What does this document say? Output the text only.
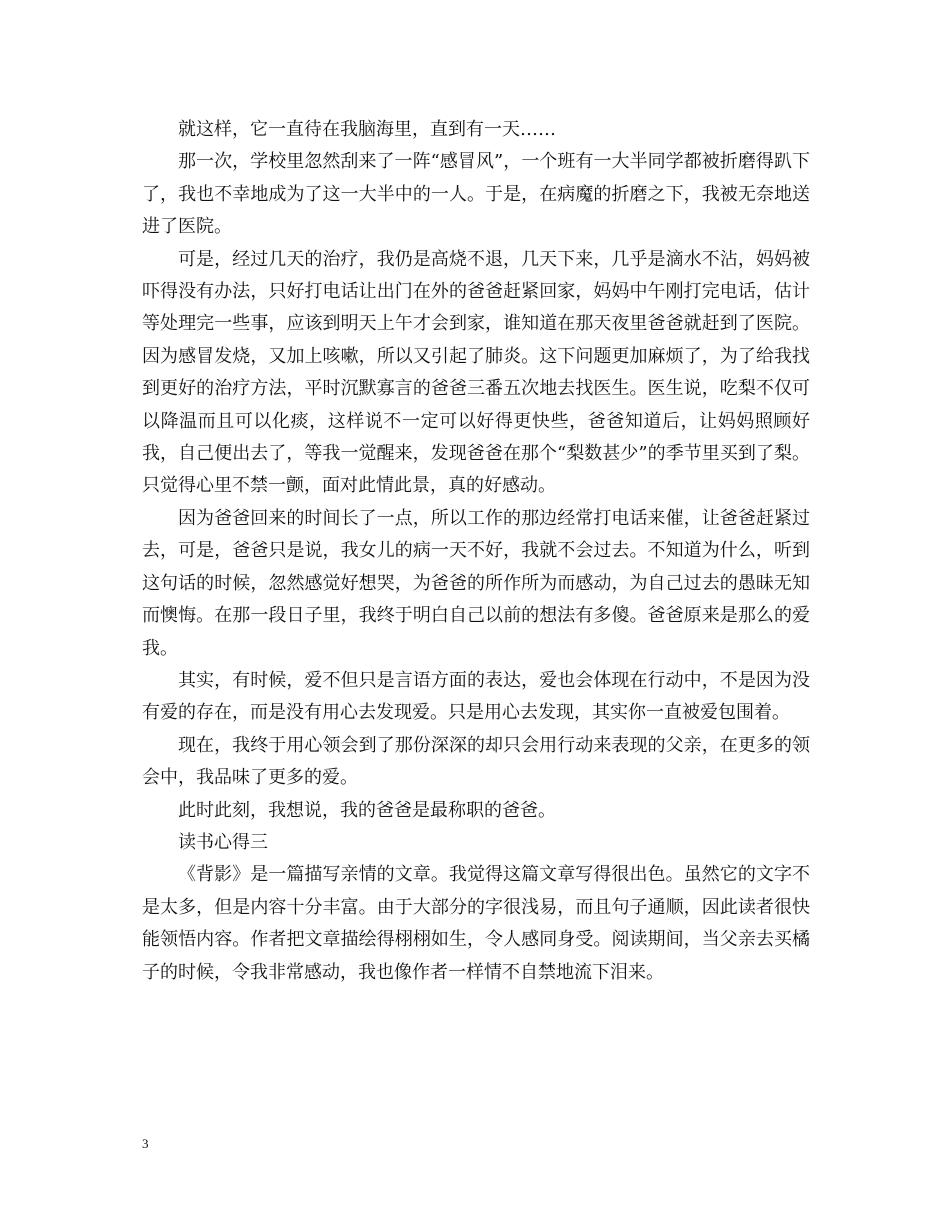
就这样，它一直待在我脑海里，直到有一天……

那一次，学校里忽然刮来了一阵“感冒风”，一个班有一大半同学都被折磨得趴下了，我也不幸地成为了这一大半中的一人。于是，在病魔的折磨之下，我被无奈地送进了医院。

可是，经过几天的治疗，我仍是高烧不退，几天下来，几乎是滴水不沾，妈妈被吓得没有办法，只好打电话让出门在外的爸爸赶紧回家，妈妈中午刚打完电话，估计等处理完一些事，应该到明天上午才会到家，谁知道在那天夜里爸爸就赶到了医院。因为感冒发烧，又加上咳嗽，所以又引起了肺炎。这下问题更加麻烦了，为了给我找到更好的治疗方法，平时沉默寡言的爸爸三番五次地去找医生。医生说，吃梨不仅可以降温而且可以化痰，这样说不一定可以好得更快些，爸爸知道后，让妈妈照顾好我，自己便出去了，等我一觉醒来，发现爸爸在那个“梨数甚少”的季节里买到了梨。只觉得心里不禁一颤，面对此情此景，真的好感动。

因为爸爸回来的时间长了一点，所以工作的那边经常打电话来催，让爸爸赶紧过去，可是，爸爸只是说，我女儿的病一天不好，我就不会过去。不知道为什么，听到这句话的时候，忽然感觉好想哭，为爸爸的所作所为而感动，为自己过去的愚昧无知而懊悔。在那一段日子里，我终于明白自己以前的想法有多傻。爸爸原来是那么的爱我。

其实，有时候，爱不但只是言语方面的表达，爱也会体现在行动中，不是因为没有爱的存在，而是没有用心去发现爱。只是用心去发现，其实你一直被爱包围着。

现在，我终于用心领会到了那份深深的却只会用行动来表现的父亲，在更多的领会中，我品味了更多的爱。

此时此刻，我想说，我的爸爸是最称职的爸爸。

读书心得三

《背影》是一篇描写亲情的文章。我觉得这篇文章写得很出色。虽然它的文字不是太多，但是内容十分丰富。由于大部分的字很浅易，而且句子通顺，因此读者很快能领悟内容。作者把文章描绘得栩栩如生，令人感同身受。阅读期间，当父亲去买橘子的时候，令我非常感动，我也像作者一样情不自禁地流下泪来。

3
